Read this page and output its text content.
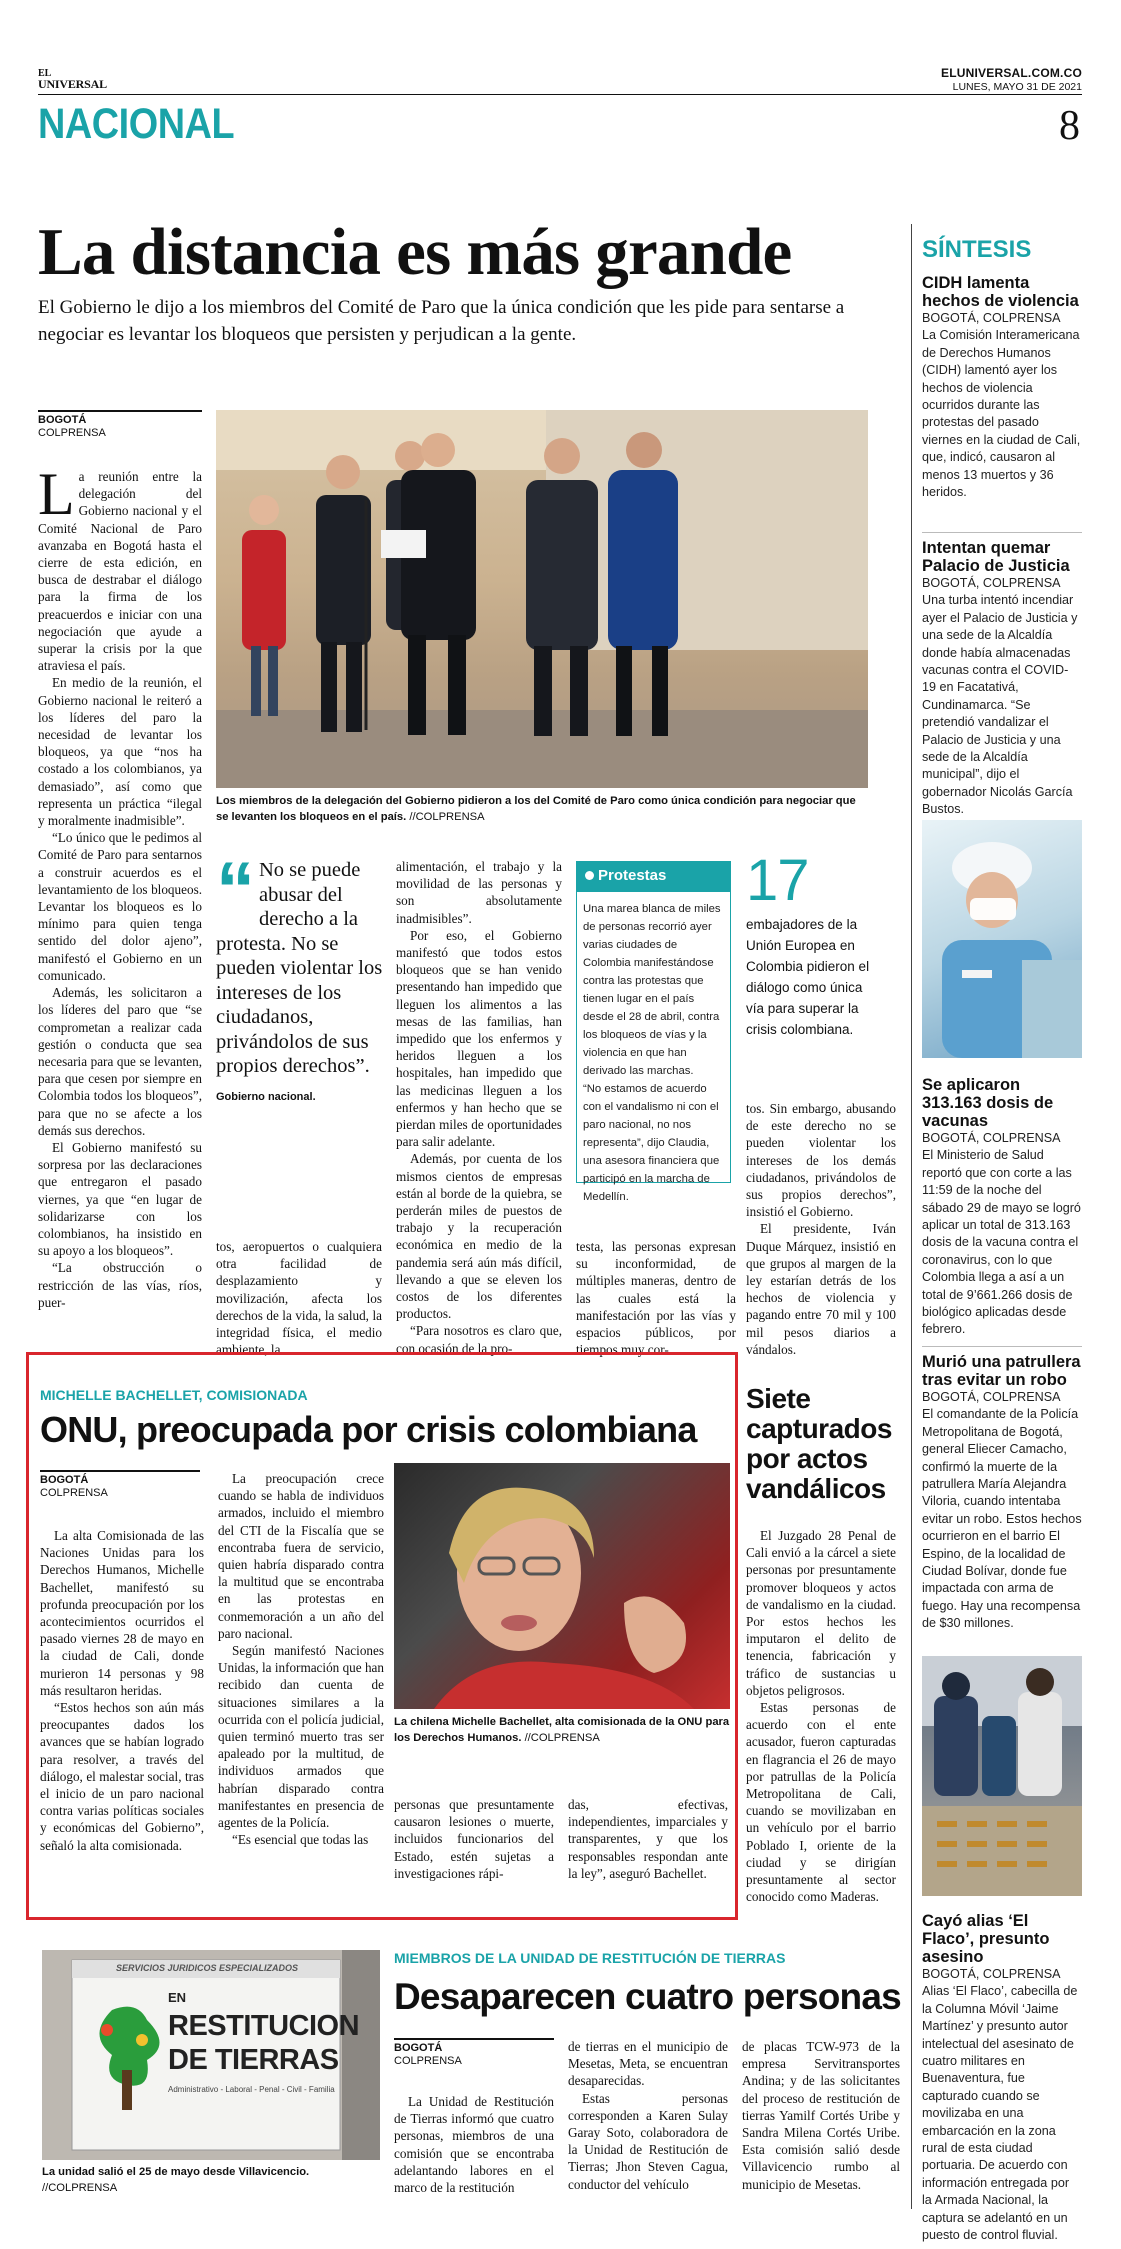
EL
UNIVERSAL
ELUNIVERSAL.COM.CO
LUNES, MAYO 31 DE 2021
NACIONAL	8
La distancia es más grande

El Gobierno le dijo a los miembros del Comité de Paro que la única condición que les pide para sentarse a negociar es levantar los bloqueos que persisten y perjudican a la gente.

BOGOTÁ
COLPRENSA

La reunión entre la delegación del Gobierno nacional y el Comité Nacional de Paro avanzaba en Bogotá hasta el cierre de esta edición, en busca de destrabar el diálogo para la firma de los preacuerdos e iniciar con una negociación que ayude a superar la crisis por la que atraviesa el país.

En medio de la reunión, el Gobierno nacional le reiteró a los líderes del paro la necesidad de levantar los bloqueos, ya que “nos ha costado a los colombianos, ya demasiado”, así como que representa un práctica “ilegal y moralmente inadmisible”.

“Lo único que le pedimos al Comité de Paro para sentarnos a construir acuerdos es el levantamiento de los bloqueos. Levantar los bloqueos es lo mínimo para quien tenga sentido del dolor ajeno”, manifestó el Gobierno en un comunicado.

Además, les solicitaron a los líderes del paro que “se comprometan a realizar cada gestión o conducta que sea necesaria para que se levanten, para que cesen por siempre en Colombia todos los bloqueos”, para que no se afecte a los demás sus derechos.

El Gobierno manifestó su sorpresa por las declaraciones que entregaron el pasado viernes, ya que “en lugar de solidarizarse con los colombianos, ha insistido en su apoyo a los bloqueos”.

“La obstrucción o restricción de las vías, ríos, puer-

Los miembros de la delegación del Gobierno pidieron a los del Comité de Paro como única condición para negociar que se levanten los bloqueos en el país. //COLPRENSA
“ No se puede abusar del derecho a la protesta. No se pueden violentar los intereses de los ciudadanos, privándolos de sus propios derechos”.
Gobierno nacional.

tos, aeropuertos o cualquiera otra facilidad de desplazamiento y movilización, afecta los derechos de la vida, la salud, la integridad física, el medio ambiente, la

alimentación, el trabajo y la movilidad de las personas y son absolutamente inadmisibles”.

Por eso, el Gobierno manifestó que todos estos bloqueos que se han venido presentando han impedido que lleguen los alimentos a las mesas de las familias, han impedido que los enfermos y heridos lleguen a los hospitales, han impedido que las medicinas lleguen a los enfermos y han hecho que se pierdan miles de oportunidades para salir adelante.

Además, por cuenta de los mismos cientos de empresas están al borde de la quiebra, se perderán miles de puestos de trabajo y la recuperación económica en medio de la pandemia será aún más difícil, llevando a que se eleven los costos de los diferentes productos.

“Para nosotros es claro que, con ocasión de la pro-

Protestas

Una marea blanca de miles de personas recorrió ayer varias ciudades de Colombia manifestándose contra las protestas que tienen lugar en el país desde el 28 de abril, contra los bloqueos de vías y la violencia en que han derivado las marchas.

“No estamos de acuerdo con el vandalismo ni con el paro nacional, no nos representa”, dijo Claudia, una asesora financiera que participó en la marcha de Medellín.

testa, las personas expresan su inconformidad, de múltiples maneras, dentro de las cuales está la manifestación por las vías y espacios públicos, por tiempos muy cor-

17
embajadores de la Unión Europea en Colombia pidieron el diálogo como única vía para superar la crisis colombiana.

tos. Sin embargo, abusando de este derecho no se pueden violentar los intereses de los demás ciudadanos, privándolos de sus propios derechos”, insistió el Gobierno.

El presidente, Iván Duque Márquez, insistió en que grupos al margen de la ley estarían detrás de los hechos de violencia y pagando entre 70 mil y 100 mil pesos diarios a vándalos.

MICHELLE BACHELLET, COMISIONADA
ONU, preocupada por crisis colombiana
BOGOTÁ
COLPRENSA

La alta Comisionada de las Naciones Unidas para los Derechos Humanos, Michelle Bachellet, manifestó su profunda preocupación por los acontecimientos ocurridos el pasado viernes 28 de mayo en la ciudad de Cali, donde murieron 14 personas y 98 más resultaron heridas.

“Estos hechos son aún más preocupantes dados los avances que se habían logrado para resolver, a través del diálogo, el malestar social, tras el inicio de un paro nacional contra varias políticas sociales y económicas del Gobierno”, señaló la alta comisionada.

La preocupación crece cuando se habla de individuos armados, incluido el miembro del CTI de la Fiscalía que se encontraba fuera de servicio, quien habría disparado contra la multitud que se encontraba en las protestas en conmemoración a un año del paro nacional.

Según manifestó Naciones Unidas, la información que han recibido dan cuenta de situaciones similares a la ocurrida con el policía judicial, quien terminó muerto tras ser apaleado por la multitud, de individuos armados que habrían disparado contra manifestantes en presencia de agentes de la Policía.

“Es esencial que todas las

La chilena Michelle Bachellet, alta comisionada de la ONU para los Derechos Humanos. //COLPRENSA

personas que presuntamente causaron lesiones o muerte, incluidos funcionarios del Estado, estén sujetas a investigaciones rápi-

das, efectivas, independientes, imparciales y transparentes, y que los responsables respondan ante la ley”, aseguró Bachellet.

Siete capturados por actos vandálicos

El Juzgado 28 Penal de Cali envió a la cárcel a siete personas por presuntamente promover bloqueos y actos de vandalismo en la ciudad. Por estos hechos les imputaron el delito de tenencia, fabricación y tráfico de sustancias u objetos peligrosos.

Estas personas de acuerdo con el ente acusador, fueron capturadas en flagrancia el 26 de mayo por patrullas de la Policía Metropolitana de Cali, cuando se movilizaban en un vehículo por el barrio Poblado I, oriente de la ciudad y se dirigían presuntamente al sector conocido como Maderas.

SERVICIOS JURIDICOS ESPECIALIZADOS
EN
RESTITUCION
DE TIERRAS
Administrativo - Laboral - Penal - Civil - Familia
La unidad salió el 25 de mayo desde Villavicencio. //COLPRENSA
MIEMBROS DE LA UNIDAD DE RESTITUCIÓN DE TIERRAS
Desaparecen cuatro personas
BOGOTÁ
COLPRENSA

La Unidad de Restitución de Tierras informó que cuatro personas, miembros de una comisión que se encontraba adelantando labores en el marco de la restitución

de tierras en el municipio de Mesetas, Meta, se encuentran desaparecidas.

Estas personas corresponden a Karen Sulay Garay Soto, colaboradora de la Unidad de Restitución de Tierras; Jhon Steven Cagua, conductor del vehículo

de placas TCW-973 de la empresa Servitransportes Andina; y de las solicitantes del proceso de restitución de tierras Yamilf Cortés Uribe y Sandra Milena Cortés Uribe. Esta comisión salió desde Villavicencio rumbo al municipio de Mesetas.

SÍNTESIS
CIDH lamenta hechos de violencia
BOGOTÁ, COLPRENSA
La Comisión Interamericana de Derechos Humanos (CIDH) lamentó ayer los hechos de violencia ocurridos durante las protestas del pasado viernes en la ciudad de Cali, que, indicó, causaron al menos 13 muertos y 36 heridos.
Intentan quemar Palacio de Justicia
BOGOTÁ, COLPRENSA
Una turba intentó incendiar ayer el Palacio de Justicia y una sede de la Alcaldía donde había almacenadas vacunas contra el COVID-19 en Facatativá, Cundinamarca. “Se pretendió vandalizar el Palacio de Justicia y una sede de la Alcaldía municipal”, dijo el gobernador Nicolás García Bustos.
Se aplicaron 313.163 dosis de vacunas
BOGOTÁ, COLPRENSA
El Ministerio de Salud reportó que con corte a las 11:59 de la noche del sábado 29 de mayo se logró aplicar un total de 313.163 dosis de la vacuna contra el coronavirus, con lo que Colombia llega a así a un total de 9’661.266 dosis de biológico aplicadas desde febrero.
Murió una patrullera tras evitar un robo
BOGOTÁ, COLPRENSA
El comandante de la Policía Metropolitana de Bogotá, general Eliecer Camacho, confirmó la muerte de la patrullera María Alejandra Viloria, cuando intentaba evitar un robo. Estos hechos ocurrieron en el barrio El Espino, de la localidad de Ciudad Bolívar, donde fue impactada con arma de fuego. Hay una recompensa de $30 millones.
Cayó alias ‘El Flaco’, presunto asesino
BOGOTÁ, COLPRENSA
Alias ‘El Flaco’, cabecilla de la Columna Móvil ‘Jaime Martínez’ y presunto autor intelectual del asesinato de cuatro militares en Buenaventura, fue capturado cuando se movilizaba en una embarcación en la zona rural de esta ciudad portuaria. De acuerdo con información entregada por la Armada Nacional, la captura se adelantó en un puesto de control fluvial.
